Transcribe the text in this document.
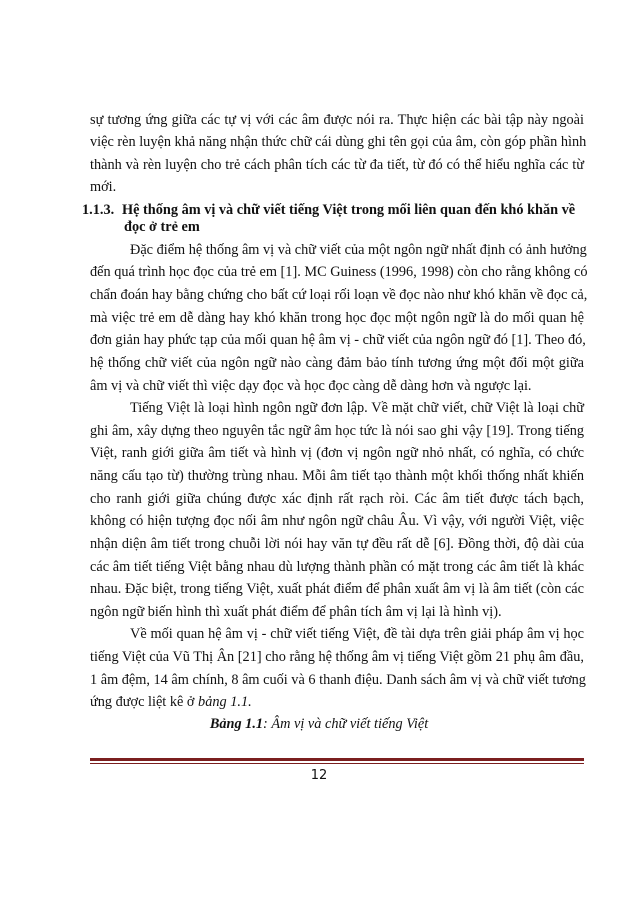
sự tương ứng giữa các tự vị với các âm được nói ra. Thực hiện các bài tập này ngoài
việc rèn luyện khả năng nhận thức chữ cái dùng ghi tên gọi của âm, còn góp phần hình
thành và rèn luyện cho trẻ cách phân tích các từ đa tiết, từ đó có thể hiểu nghĩa các từ
mới.
1.1.3. Hệ thống âm vị và chữ viết tiếng Việt trong mối liên quan đến khó khăn về
đọc ở trẻ em
Đặc điểm hệ thống âm vị và chữ viết của một ngôn ngữ nhất định có ảnh hưởng
đến quá trình học đọc của trẻ em [1]. MC Guiness (1996, 1998) còn cho rằng không có
chẩn đoán hay bằng chứng cho bất cứ loại rối loạn về đọc nào như khó khăn về đọc cả,
mà việc trẻ em dễ dàng hay khó khăn trong học đọc một ngôn ngữ là do mối quan hệ
đơn giản hay phức tạp của mối quan hệ âm vị - chữ viết của ngôn ngữ đó [1]. Theo đó,
hệ thống chữ viết của ngôn ngữ nào càng đảm bảo tính tương ứng một đối một giữa
âm vị và chữ viết thì việc dạy đọc và học đọc càng dễ dàng hơn và ngược lại.
Tiếng Việt là loại hình ngôn ngữ đơn lập. Về mặt chữ viết, chữ Việt là loại chữ
ghi âm, xây dựng theo nguyên tắc ngữ âm học tức là nói sao ghi vậy [19]. Trong tiếng
Việt, ranh giới giữa âm tiết và hình vị (đơn vị ngôn ngữ nhỏ nhất, có nghĩa, có chức
năng cấu tạo từ) thường trùng nhau. Mỗi âm tiết tạo thành một khối thống nhất khiến
cho ranh giới giữa chúng được xác định rất rạch ròi. Các âm tiết được tách bạch,
không có hiện tượng đọc nối âm như ngôn ngữ châu Âu. Vì vậy, với người Việt, việc
nhận diện âm tiết trong chuỗi lời nói hay văn tự đều rất dễ [6]. Đồng thời, độ dài của
các âm tiết tiếng Việt bằng nhau dù lượng thành phần có mặt trong các âm tiết là khác
nhau. Đặc biệt, trong tiếng Việt, xuất phát điểm để phân xuất âm vị là âm tiết (còn các
ngôn ngữ biến hình thì xuất phát điểm để phân tích âm vị lại là hình vị).
Về mối quan hệ âm vị - chữ viết tiếng Việt, đề tài dựa trên giải pháp âm vị học
tiếng Việt của Vũ Thị Ân [21] cho rằng hệ thống âm vị tiếng Việt gồm 21 phụ âm đầu,
1 âm đệm, 14 âm chính, 8 âm cuối và 6 thanh điệu. Danh sách âm vị và chữ viết tương
ứng được liệt kê ở bảng 1.1.
Bảng 1.1: Âm vị và chữ viết tiếng Việt
12
